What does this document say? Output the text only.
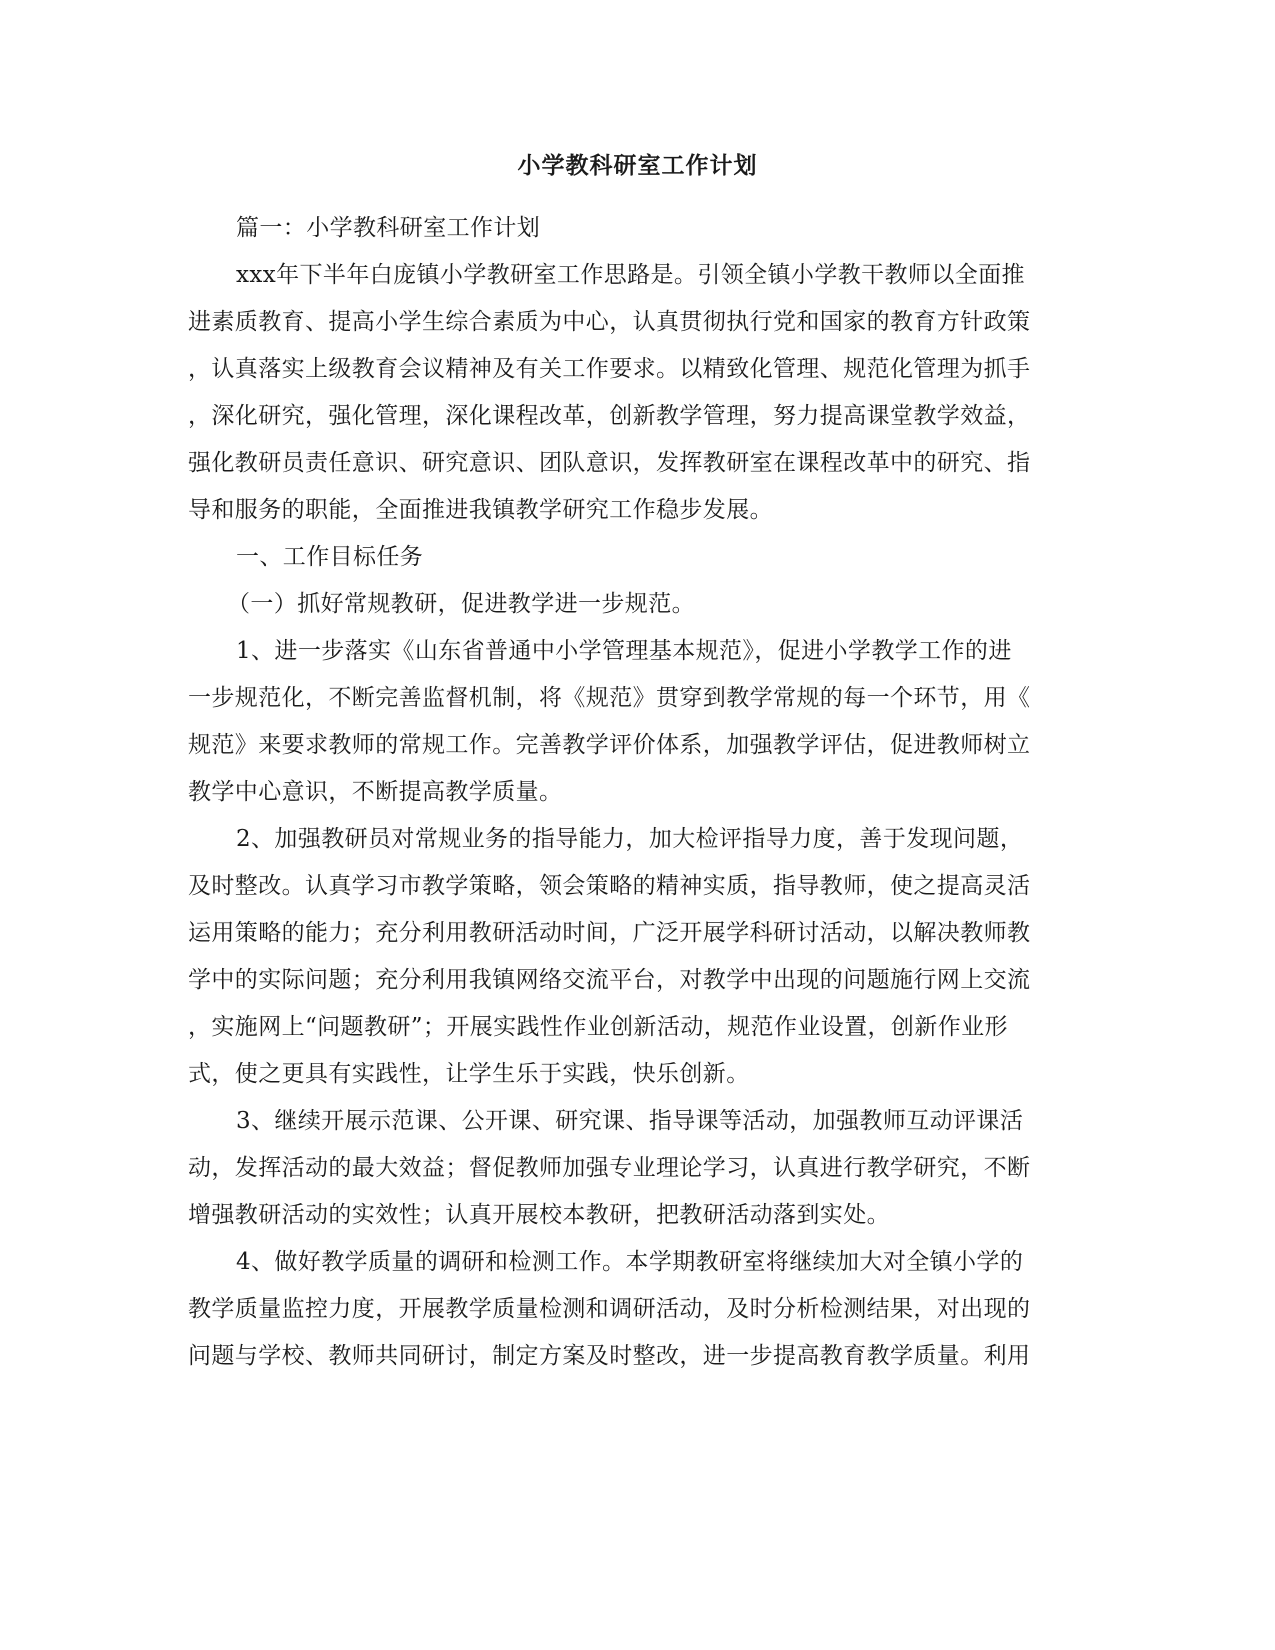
小学教科研室工作计划
篇一：小学教科研室工作计划
xxx年下半年白庞镇小学教研室工作思路是。引领全镇小学教干教师以全面推
进素质教育、提高小学生综合素质为中心，认真贯彻执行党和国家的教育方针政策
，认真落实上级教育会议精神及有关工作要求。以精致化管理、规范化管理为抓手
，深化研究，强化管理，深化课程改革，创新教学管理，努力提高课堂教学效益，
强化教研员责任意识、研究意识、团队意识，发挥教研室在课程改革中的研究、指
导和服务的职能，全面推进我镇教学研究工作稳步发展。
一、工作目标任务
（一）抓好常规教研，促进教学进一步规范。
1、进一步落实《山东省普通中小学管理基本规范》，促进小学教学工作的进
一步规范化，不断完善监督机制，将《规范》贯穿到教学常规的每一个环节，用《
规范》来要求教师的常规工作。完善教学评价体系，加强教学评估，促进教师树立
教学中心意识，不断提高教学质量。
2、加强教研员对常规业务的指导能力，加大检评指导力度，善于发现问题，
及时整改。认真学习市教学策略，领会策略的精神实质，指导教师，使之提高灵活
运用策略的能力；充分利用教研活动时间，广泛开展学科研讨活动，以解决教师教
学中的实际问题；充分利用我镇网络交流平台，对教学中出现的问题施行网上交流
，实施网上“问题教研”；开展实践性作业创新活动，规范作业设置，创新作业形
式，使之更具有实践性，让学生乐于实践，快乐创新。
3、继续开展示范课、公开课、研究课、指导课等活动，加强教师互动评课活
动，发挥活动的最大效益；督促教师加强专业理论学习，认真进行教学研究，不断
增强教研活动的实效性；认真开展校本教研，把教研活动落到实处。
4、做好教学质量的调研和检测工作。本学期教研室将继续加大对全镇小学的
教学质量监控力度，开展教学质量检测和调研活动，及时分析检测结果，对出现的
问题与学校、教师共同研讨，制定方案及时整改，进一步提高教育教学质量。利用
